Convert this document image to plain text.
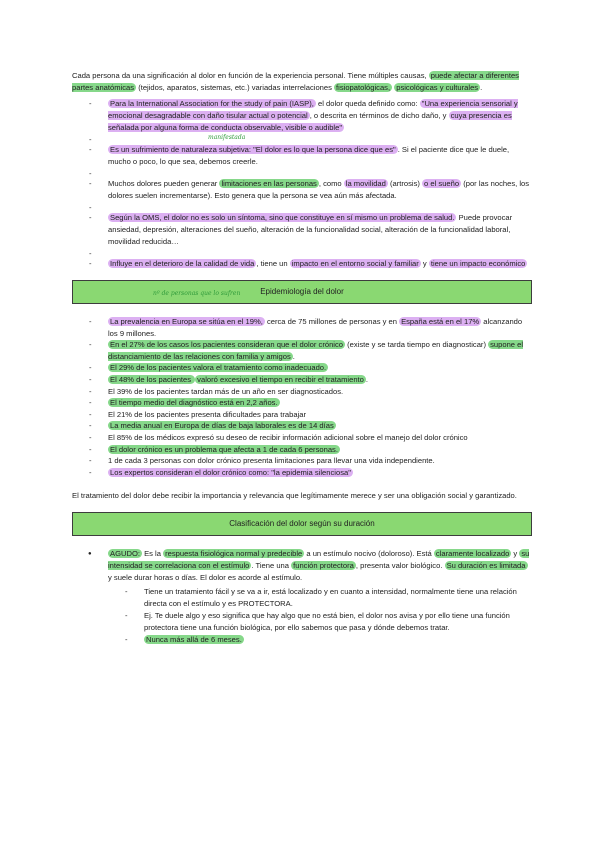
Cada persona da una significación al dolor en función de la experiencia personal. Tiene múltiples causas, puede afectar a diferentes partes anatómicas (tejidos, aparatos, sistemas, etc.) variadas interrelaciones fisiopatológicas, psicológicas y culturales .

- Para la International Association for the study of pain (IASP), el dolor queda definido como: "Una experiencia sensorial y emocional desagradable con daño tisular actual o potencial , o descrita en términos de dicho daño, y cuya presencia es señalada por alguna forma de conducta observable, visible o audible"
manifestada
-
- Es un sufrimiento de naturaleza subjetiva: "El dolor es lo que la persona dice que es" . Si el paciente dice que le duele, mucho o poco, lo que sea, debemos creerle.
-
- Muchos dolores pueden generar limitaciones en las personas , como la movilidad (artrosis) o el sueño (por las noches, los dolores suelen incrementarse). Esto genera que la persona se vea aún más afectada.
-
- Según la OMS, el dolor no es solo un síntoma, sino que constituye en sí mismo un problema de salud. Puede provocar ansiedad, depresión, alteraciones del sueño, alteración de la funcionalidad social, alteración de la funcionalidad laboral, movilidad reducida…
-
- Influye en el deterioro de la calidad de vida , tiene un impacto en el entorno social y familiar y tiene un impacto económico
Epidemiología del dolor
nº de personas que lo sufren
- La prevalencia en Europa se sitúa en el 19%, cerca de 75 millones de personas y en España está en el 17% alcanzando los 9 millones.
- En el 27% de los casos los pacientes consideran que el dolor crónico (existe y se tarda tiempo en diagnosticar) supone el distanciamiento de las relaciones con familia y amigos .
- El 29% de los pacientes valora el tratamiento como inadecuado.
- El 48% de los pacientes valoró excesivo el tiempo en recibir el tratamiento .
- El 39% de los pacientes tardan más de un año en ser diagnosticados.
- El tiempo medio del diagnóstico está en 2,2 años.
- El 21% de los pacientes presenta dificultades para trabajar
- La media anual en Europa de días de baja laborales es de 14 días
- El 85% de los médicos expresó su deseo de recibir información adicional sobre el manejo del dolor crónico
- El dolor crónico es un problema que afecta a 1 de cada 6 personas.
- 1 de cada 3 personas con dolor crónico presenta limitaciones para llevar una vida independiente.
- Los expertos consideran el dolor crónico como: "la epidemia silenciosa"

El tratamiento del dolor debe recibir la importancia y relevancia que legítimamente merece y ser una obligación social y garantizado.

Clasificación del dolor según su duración
● AGUDO: Es la respuesta fisiológica normal y predecible a un estímulo nocivo (doloroso). Está claramente localizado y su intensidad se correlaciona con el estímulo . Tiene una función protectora , presenta valor biológico. Su duración es limitada y suele durar horas o días. El dolor es acorde al estímulo.
- Tiene un tratamiento fácil y se va a ir, está localizado y en cuanto a intensidad, normalmente tiene una relación directa con el estímulo y es PROTECTORA.
- Ej. Te duele algo y eso significa que hay algo que no está bien, el dolor nos avisa y por ello tiene una función protectora tiene una función biológica, por ello sabemos que pasa y dónde debemos tratar.
- Nunca más allá de 6 meses.
